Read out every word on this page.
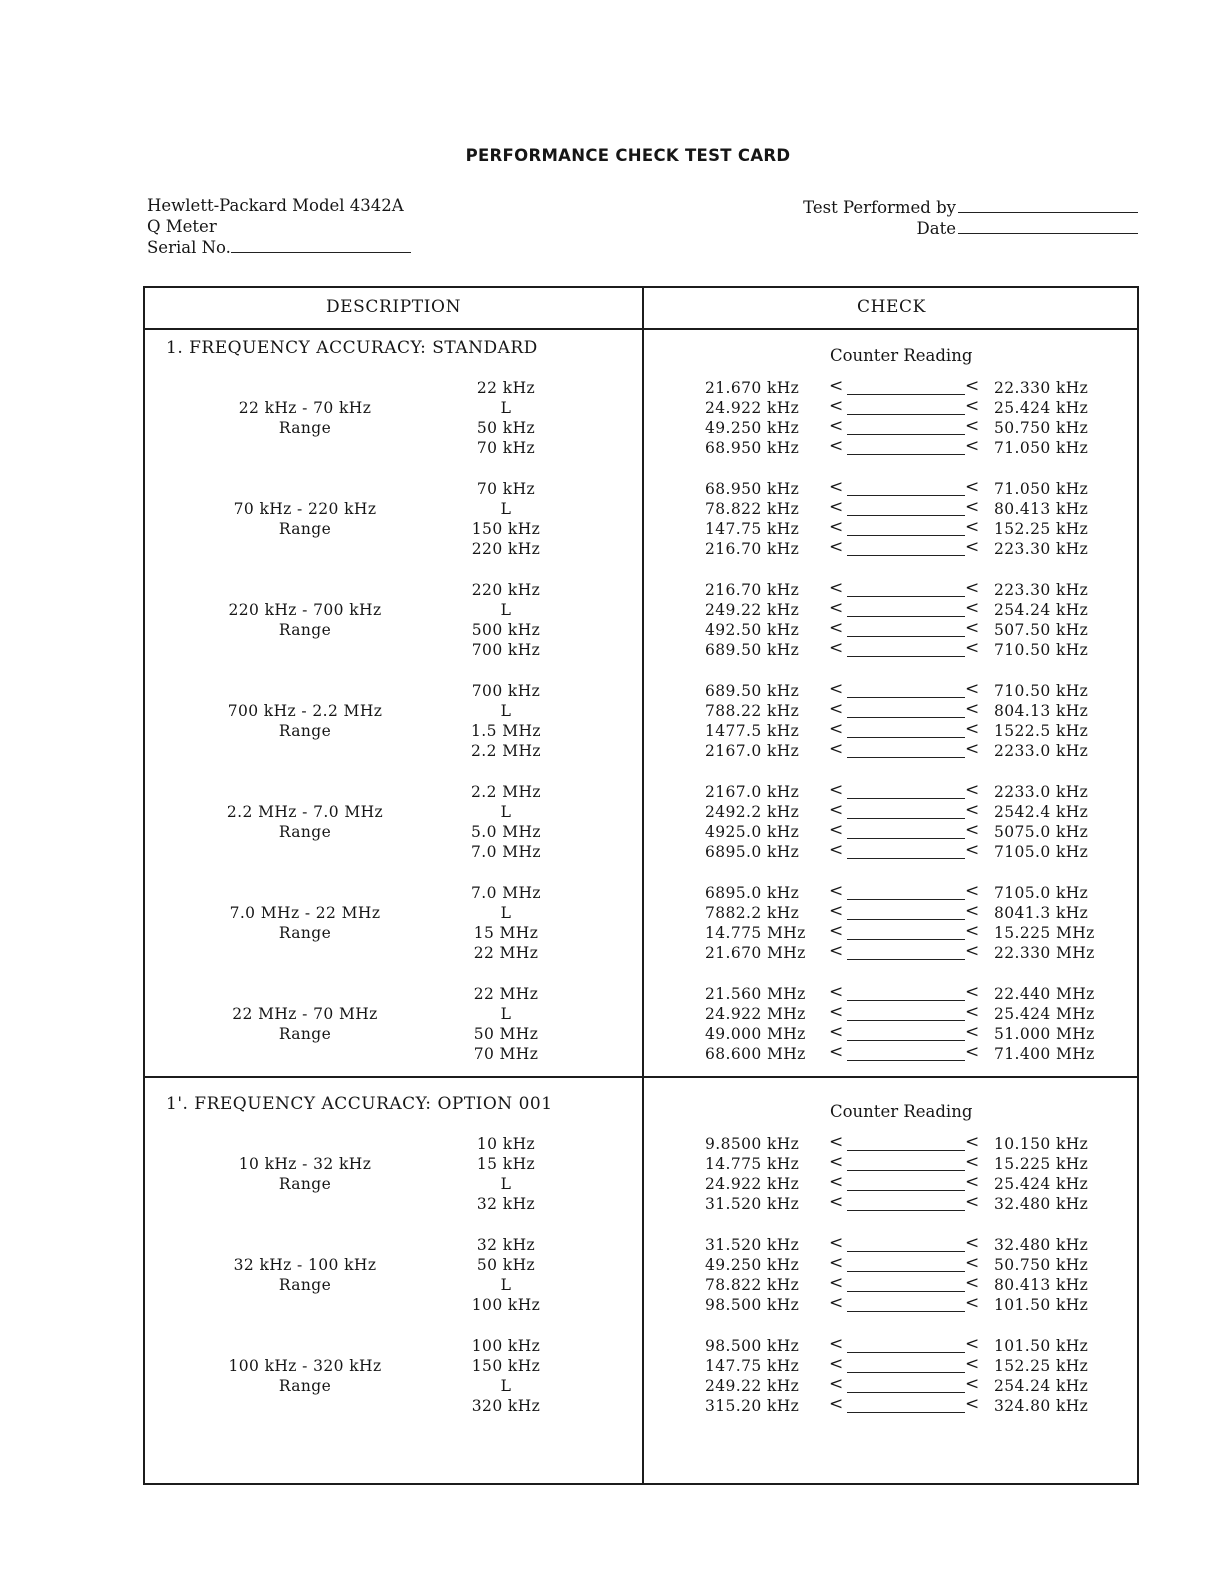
PERFORMANCE CHECK TEST CARD
Hewlett-Packard Model 4342A
Q Meter
Serial No.
Test Performed by
Date
DESCRIPTION	CHECK
1. FREQUENCY ACCURACY: STANDARD	Counter Reading
22 kHz - 70 kHz
Range
22 kHz	21.670 kHz <	< 22.330 kHz
L	24.922 kHz <	< 25.424 kHz
50 kHz	49.250 kHz <	< 50.750 kHz
70 kHz	68.950 kHz <	< 71.050 kHz
70 kHz - 220 kHz
Range
70 kHz	68.950 kHz <	< 71.050 kHz
L	78.822 kHz <	< 80.413 kHz
150 kHz	147.75 kHz <	< 152.25 kHz
220 kHz	216.70 kHz <	< 223.30 kHz
220 kHz - 700 kHz
Range
220 kHz	216.70 kHz <	< 223.30 kHz
L	249.22 kHz <	< 254.24 kHz
500 kHz	492.50 kHz <	< 507.50 kHz
700 kHz	689.50 kHz <	< 710.50 kHz
700 kHz - 2.2 MHz
Range
700 kHz	689.50 kHz <	< 710.50 kHz
L	788.22 kHz <	< 804.13 kHz
1.5 MHz	1477.5 kHz <	< 1522.5 kHz
2.2 MHz	2167.0 kHz <	< 2233.0 kHz
2.2 MHz - 7.0 MHz
Range
2.2 MHz	2167.0 kHz <	< 2233.0 kHz
L	2492.2 kHz <	< 2542.4 kHz
5.0 MHz	4925.0 kHz <	< 5075.0 kHz
7.0 MHz	6895.0 kHz <	< 7105.0 kHz
7.0 MHz - 22 MHz
Range
7.0 MHz	6895.0 kHz <	< 7105.0 kHz
L	7882.2 kHz <	< 8041.3 kHz
15 MHz	14.775 MHz <	< 15.225 MHz
22 MHz	21.670 MHz <	< 22.330 MHz
22 MHz - 70 MHz
Range
22 MHz	21.560 MHz <	< 22.440 MHz
L	24.922 MHz <	< 25.424 MHz
50 MHz	49.000 MHz <	< 51.000 MHz
70 MHz	68.600 MHz <	< 71.400 MHz
1'. FREQUENCY ACCURACY: OPTION 001	Counter Reading
10 kHz - 32 kHz
Range
10 kHz	9.8500 kHz <	< 10.150 kHz
15 kHz	14.775 kHz <	< 15.225 kHz
L	24.922 kHz <	< 25.424 kHz
32 kHz	31.520 kHz <	< 32.480 kHz
32 kHz - 100 kHz
Range
32 kHz	31.520 kHz <	< 32.480 kHz
50 kHz	49.250 kHz <	< 50.750 kHz
L	78.822 kHz <	< 80.413 kHz
100 kHz	98.500 kHz <	< 101.50 kHz
100 kHz - 320 kHz
Range
100 kHz	98.500 kHz <	< 101.50 kHz
150 kHz	147.75 kHz <	< 152.25 kHz
L	249.22 kHz <	< 254.24 kHz
320 kHz	315.20 kHz <	< 324.80 kHz
